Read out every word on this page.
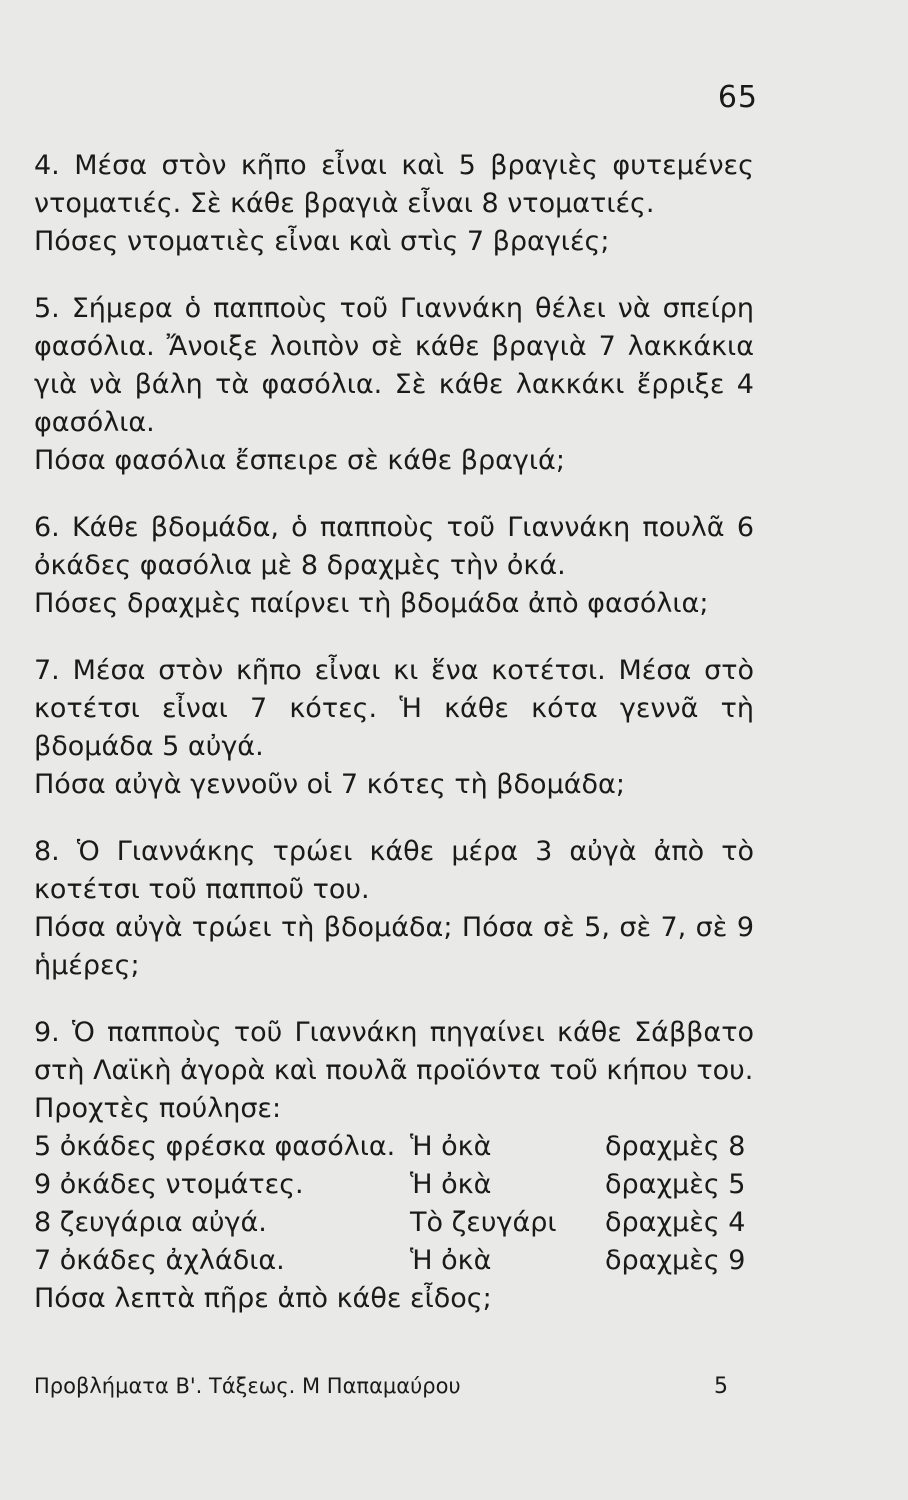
65

4. Μέσα στὸν κῆπο εἶναι καὶ 5 βραγιὲς φυτεμένες ντοματιές. Σὲ κάθε βραγιὰ εἶναι 8 ντοματιές.

Πόσες ντοματιὲς εἶναι καὶ στὶς 7 βραγιές;

5. Σήμερα ὁ παπποὺς τοῦ Γιαννάκη θέλει νὰ σπείρη φασόλια. Ἄνοιξε λοιπὸν σὲ κάθε βραγιὰ 7 λακκάκια γιὰ νὰ βάλη τὰ φασόλια. Σὲ κάθε λακκάκι ἔρριξε 4 φασόλια.

Πόσα φασόλια ἔσπειρε σὲ κάθε βραγιά;

6. Κάθε βδομάδα, ὁ παπποὺς τοῦ Γιαννάκη πουλᾶ 6 ὀκάδες φασόλια μὲ 8 δραχμὲς τὴν ὀκά.

Πόσες δραχμὲς παίρνει τὴ βδομάδα ἀπὸ φασόλια;

7. Μέσα στὸν κῆπο εἶναι κι ἕνα κοτέτσι. Μέσα στὸ κοτέτσι εἶναι 7 κότες. Ἡ κάθε κότα γεννᾶ τὴ βδομάδα 5 αὐγά.

Πόσα αὐγὰ γεννοῦν οἱ 7 κότες τὴ βδομάδα;

8. Ὁ Γιαννάκης τρώει κάθε μέρα 3 αὐγὰ ἀπὸ τὸ κοτέτσι τοῦ παπποῦ του.

Πόσα αὐγὰ τρώει τὴ βδομάδα; Πόσα σὲ 5, σὲ 7, σὲ 9 ἡμέρες;

9. Ὁ παπποὺς τοῦ Γιαννάκη πηγαίνει κάθε Σάββατο στὴ Λαϊκὴ ἀγορὰ καὶ πουλᾶ προϊόντα τοῦ κήπου του.

Προχτὲς πούλησε:

5 ὀκάδες φρέσκα φασόλια.	Ἡ ὀκὰ	δραχμὲς 8
9 ὀκάδες ντομάτες.	Ἡ ὀκὰ	δραχμὲς 5
8 ζευγάρια αὐγά.	Τὸ ζευγάρι	δραχμὲς 4
7 ὀκάδες ἀχλάδια.	Ἡ ὀκὰ	δραχμὲς 9

Πόσα λεπτὰ πῆρε ἀπὸ κάθε εἶδος;

Προβλήματα Β'. Τάξεως. Μ Παπαμαύρου	5
